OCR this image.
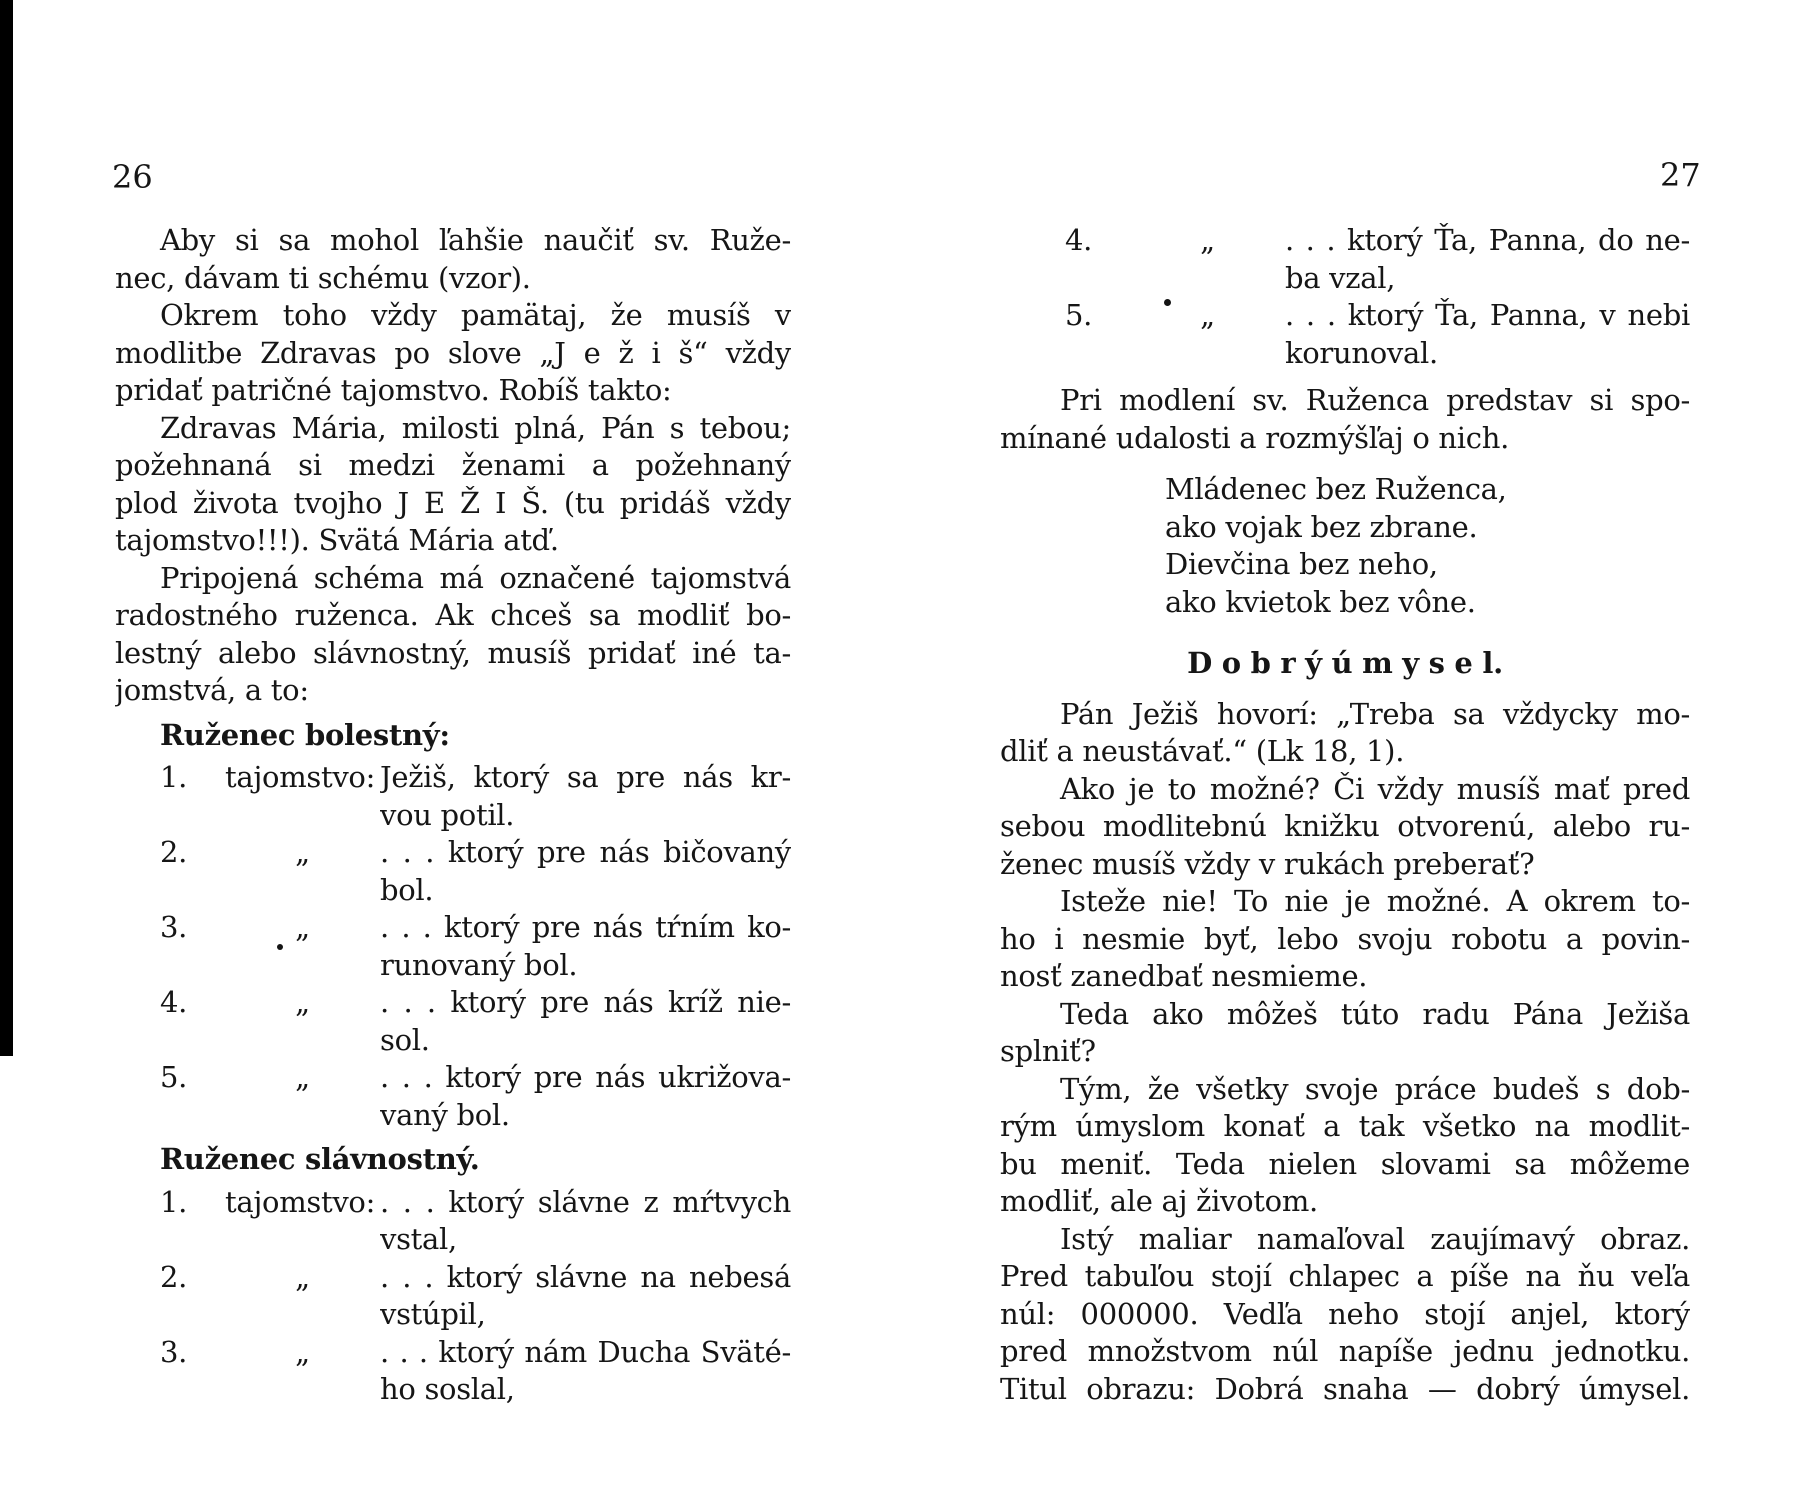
26	27
Aby si sa mohol ľahšie naučiť sv. Ruže-
nec, dávam ti schému (vzor).
Okrem toho vždy pamätaj, že musíš v
modlitbe Zdravas po slove „J e ž i š“ vždy
pridať patričné tajomstvo. Robíš takto:
Zdravas Mária, milosti plná, Pán s tebou;
požehnaná si medzi ženami a požehnaný
plod života tvojho J E Ž I Š. (tu pridáš vždy
tajomstvo!!!). Svätá Mária atď.
Pripojená schéma má označené tajomstvá
radostného ruženca. Ak chceš sa modliť bo-
lestný alebo slávnostný, musíš pridať iné ta-
jomstvá, a to:
Ruženec bolestný:
1.	tajomstvo: Ježiš, ktorý sa pre nás kr-
vou potil.
2.	„	. . . ktorý pre nás bičovaný
bol.
3.	„	. . . ktorý pre nás tŕním ko-
runovaný bol.
4.	„	. . . ktorý pre nás kríž nie-
sol.
5.	„	. . . ktorý pre nás ukrižova-
vaný bol.
Ruženec slávnostný.
1.	tajomstvo: . . . ktorý slávne z mŕtvych
vstal,
2.	„	. . . ktorý slávne na nebesá
vstúpil,
3.	„	. . . ktorý nám Ducha Sväté-
ho soslal,
4.	„	. . . ktorý Ťa, Panna, do ne-
ba vzal,
5.	„	. . . ktorý Ťa, Panna, v nebi
korunoval.
Pri modlení sv. Ruženca predstav si spo-
mínané udalosti a rozmýšľaj o nich.
Mládenec bez Ruženca,
ako vojak bez zbrane.
Dievčina bez neho,
ako kvietok bez vône.
D o b r ý ú m y s e l.
Pán Ježiš hovorí: „Treba sa vždycky mo-
dliť a neustávať.“ (Lk 18, 1).
Ako je to možné? Či vždy musíš mať pred
sebou modlitebnú knižku otvorenú, alebo ru-
ženec musíš vždy v rukách preberať?
Isteže nie! To nie je možné. A okrem to-
ho i nesmie byť, lebo svoju robotu a povin-
nosť zanedbať nesmieme.
Teda ako môžeš túto radu Pána Ježiša
splniť?
Tým, že všetky svoje práce budeš s dob-
rým úmyslom konať a tak všetko na modlit-
bu meniť. Teda nielen slovami sa môžeme
modliť, ale aj životom.
Istý maliar namaľoval zaujímavý obraz.
Pred tabuľou stojí chlapec a píše na ňu veľa
núl: 000000. Vedľa neho stojí anjel, ktorý
pred množstvom núl napíše jednu jednotku.
Titul obrazu: Dobrá snaha — dobrý úmysel.
